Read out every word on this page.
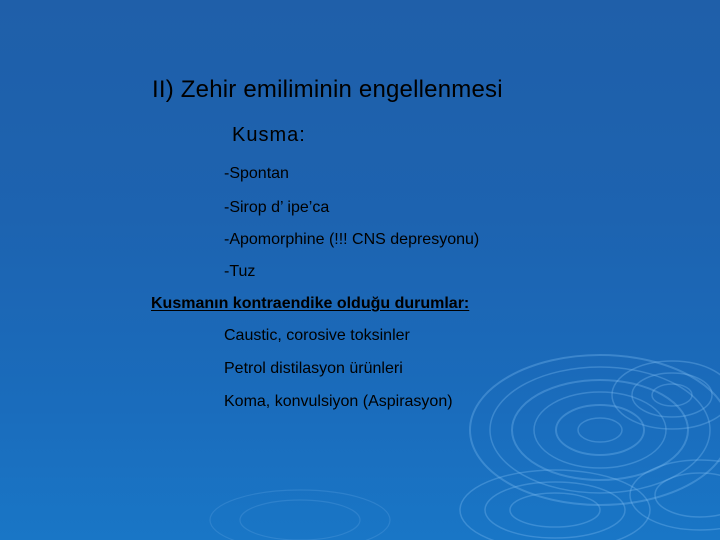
II) Zehir emiliminin engellenmesi
Kusma:
-Spontan
-Sirop d’ ipe’ca
-Apomorphine (!!! CNS depresyonu)
-Tuz
Kusmanın kontraendike olduğu durumlar:
Caustic, corosive toksinler
Petrol distilasyon ürünleri
Koma, konvulsiyon (Aspirasyon)
